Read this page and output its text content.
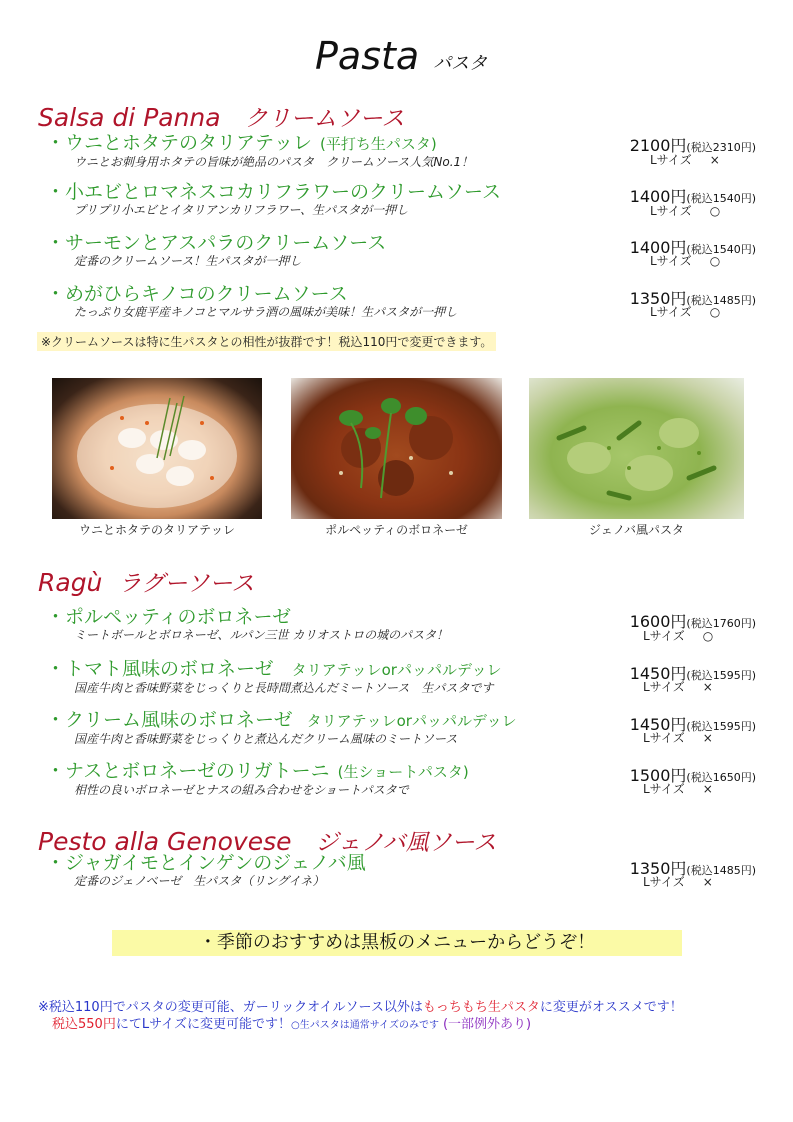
Pasta パスタ
Salsa di Panna クリームソース
・ウニとホタテのタリアテッレ (平打ち生パスタ)
ウニとお刺身用ホタテの旨味が絶品のパスタ　クリームソース人気No.1！
2100円(税込2310円)
Lサイズ ×
・小エビとロマネスコカリフラワーのクリームソース
プリプリ小エビとイタリアンカリフラワー、生パスタが一押し
1400円(税込1540円)
Lサイズ ○
・サーモンとアスパラのクリームソース
定番のクリームソース！生パスタが一押し
1400円(税込1540円)
Lサイズ ○
・めがひらキノコのクリームソース
たっぷり女鹿平産キノコとマルサラ酒の風味が美味！生パスタが一押し
1350円(税込1485円)
Lサイズ ○
※クリームソースは特に生パスタとの相性が抜群です！税込110円で変更できます。
ウニとホタテのタリアテッレ	ポルペッティのボロネーゼ	ジェノバ風パスタ
Ragù ラグーソース
・ポルペッティのボロネーゼ
ミートボールとボロネーゼ、ルパン三世 カリオストロの城のパスタ！
1600円(税込1760円)
Lサイズ ○
・トマト風味のボロネーゼ タリアテッレorパッパルデッレ
国産牛肉と香味野菜をじっくりと長時間煮込んだミートソース　生パスタです
1450円(税込1595円)
Lサイズ ×
・クリーム風味のボロネーゼ タリアテッレorパッパルデッレ
国産牛肉と香味野菜をじっくりと煮込んだクリーム風味のミートソース
1450円(税込1595円)
Lサイズ ×
・ナスとボロネーゼのリガトーニ (生ショートパスタ)
相性の良いボロネーゼとナスの組み合わせをショートパスタで
1500円(税込1650円)
Lサイズ ×
Pesto alla Genovese ジェノバ風ソース
・ジャガイモとインゲンのジェノバ風
定番のジェノベーゼ　生パスタ（リングイネ）
1350円(税込1485円)
Lサイズ ×
・季節のおすすめは黒板のメニューからどうぞ！
※税込110円でパスタの変更可能、ガーリックオイルソース以外はもっちもち生パスタに変更がオススメです！
税込550円にてLサイズに変更可能です！○生パスタは通常サイズのみです (一部例外あり)
